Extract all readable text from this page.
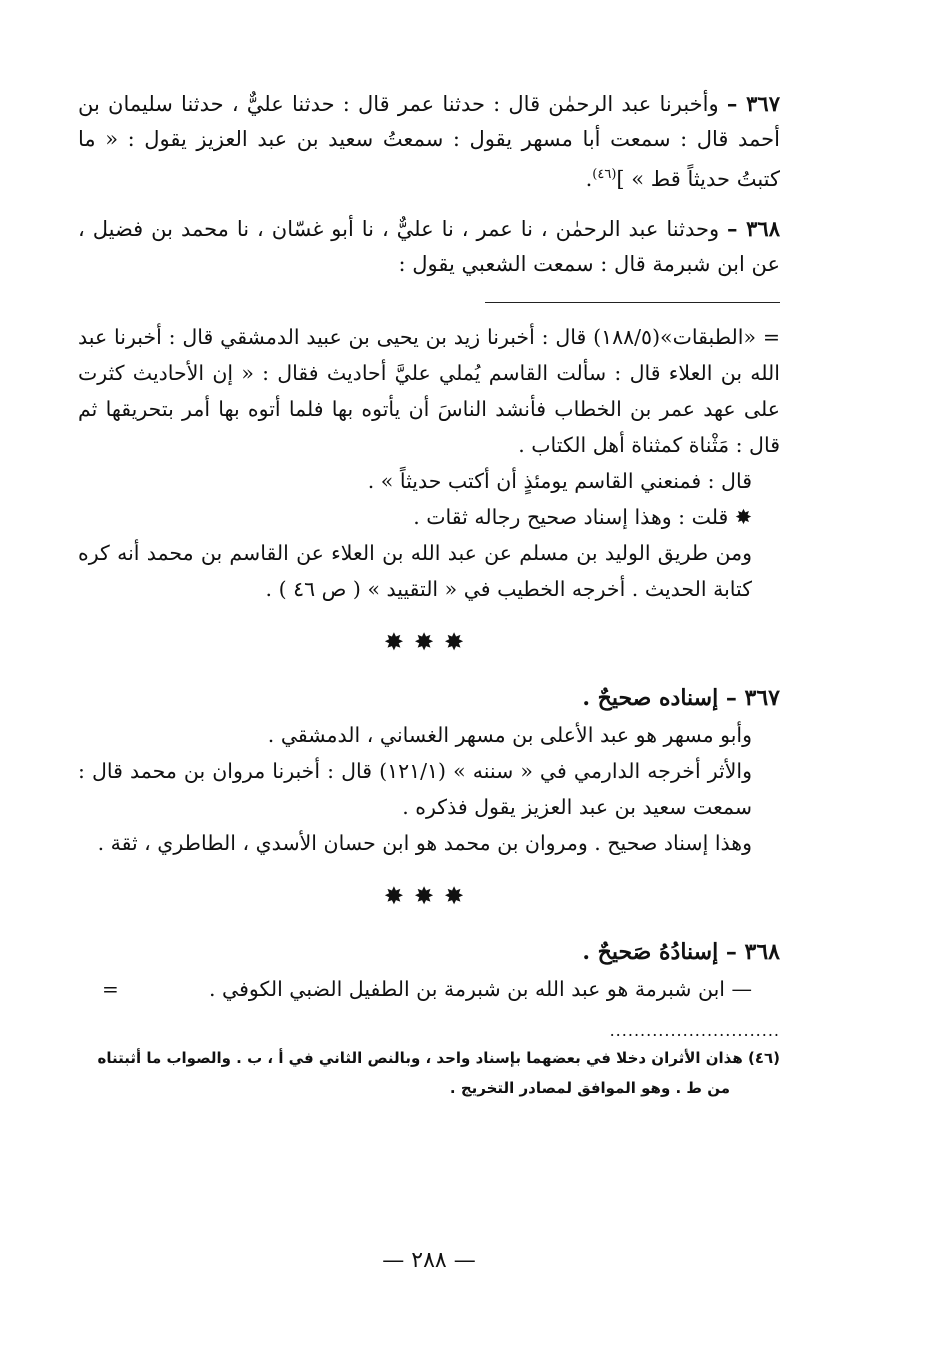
٣٦٧ – وأخبرنا عبد الرحمٰن قال : حدثنا عمر قال : حدثنا عليٌّ ، حدثنا سليمان بن أحمد قال : سمعت أبا مسهر يقول : سمعتُ سعيد بن عبد العزيز يقول : « ما كتبتُ حديثاً قط » ]$^{(٤٦)}$.

٣٦٨ – وحدثنا عبد الرحمٰن ، نا عمر ، نا عليٌّ ، نا أبو غسّان ، نا محمد بن فضيل ، عن ابن شبرمة قال : سمعت الشعبي يقول :

= «الطبقات»(١٨٨/٥) قال : أخبرنا زيد بن يحيى بن عبيد الدمشقي قال : أخبرنا عبد الله بن العلاء قال : سألت القاسم يُملي عليَّ أحاديث فقال : « إن الأحاديث كثرت على عهد عمر بن الخطاب فأنشد الناسَ أن يأتوه بها فلما أتوه بها أمر بتحريقها ثم قال : مَثْناة كمثناة أهل الكتاب .

قال : فمنعني القاسم يومئذٍ أن أكتب حديثاً » .

✸ قلت : وهذا إسناد صحيح رجاله ثقات .

ومن طريق الوليد بن مسلم عن عبد الله بن العلاء عن القاسم بن محمد أنه كره كتابة الحديث . أخرجه الخطيب في « التقييد » ( ص ٤٦ ) .

✸✸✸

٣٦٧ – إسناده صحيحٌ .

وأبو مسهر هو عبد الأعلى بن مسهر الغساني ، الدمشقي .

والأثر أخرجه الدارمي في « سننه » (١٢١/١) قال : أخبرنا مروان بن محمد قال : سمعت سعيد بن عبد العزيز يقول فذكره .

وهذا إسناد صحيح . ومروان بن محمد هو ابن حسان الأسدي ، الطاطري ، ثقة .

✸✸✸

٣٦٨ – إسنادُهُ صَحيحٌ .

— ابن شبرمة هو عبد الله بن شبرمة بن الطفيل الضبي الكوفي .
=

............................

(٤٦) هذان الأثران دخلا في بعضهما بإسناد واحد ، وبالنص الثاني في أ ، ب . والصواب ما أثبتناه

من ط . وهو الموافق لمصادر التخريج .

— ٢٨٨ —
